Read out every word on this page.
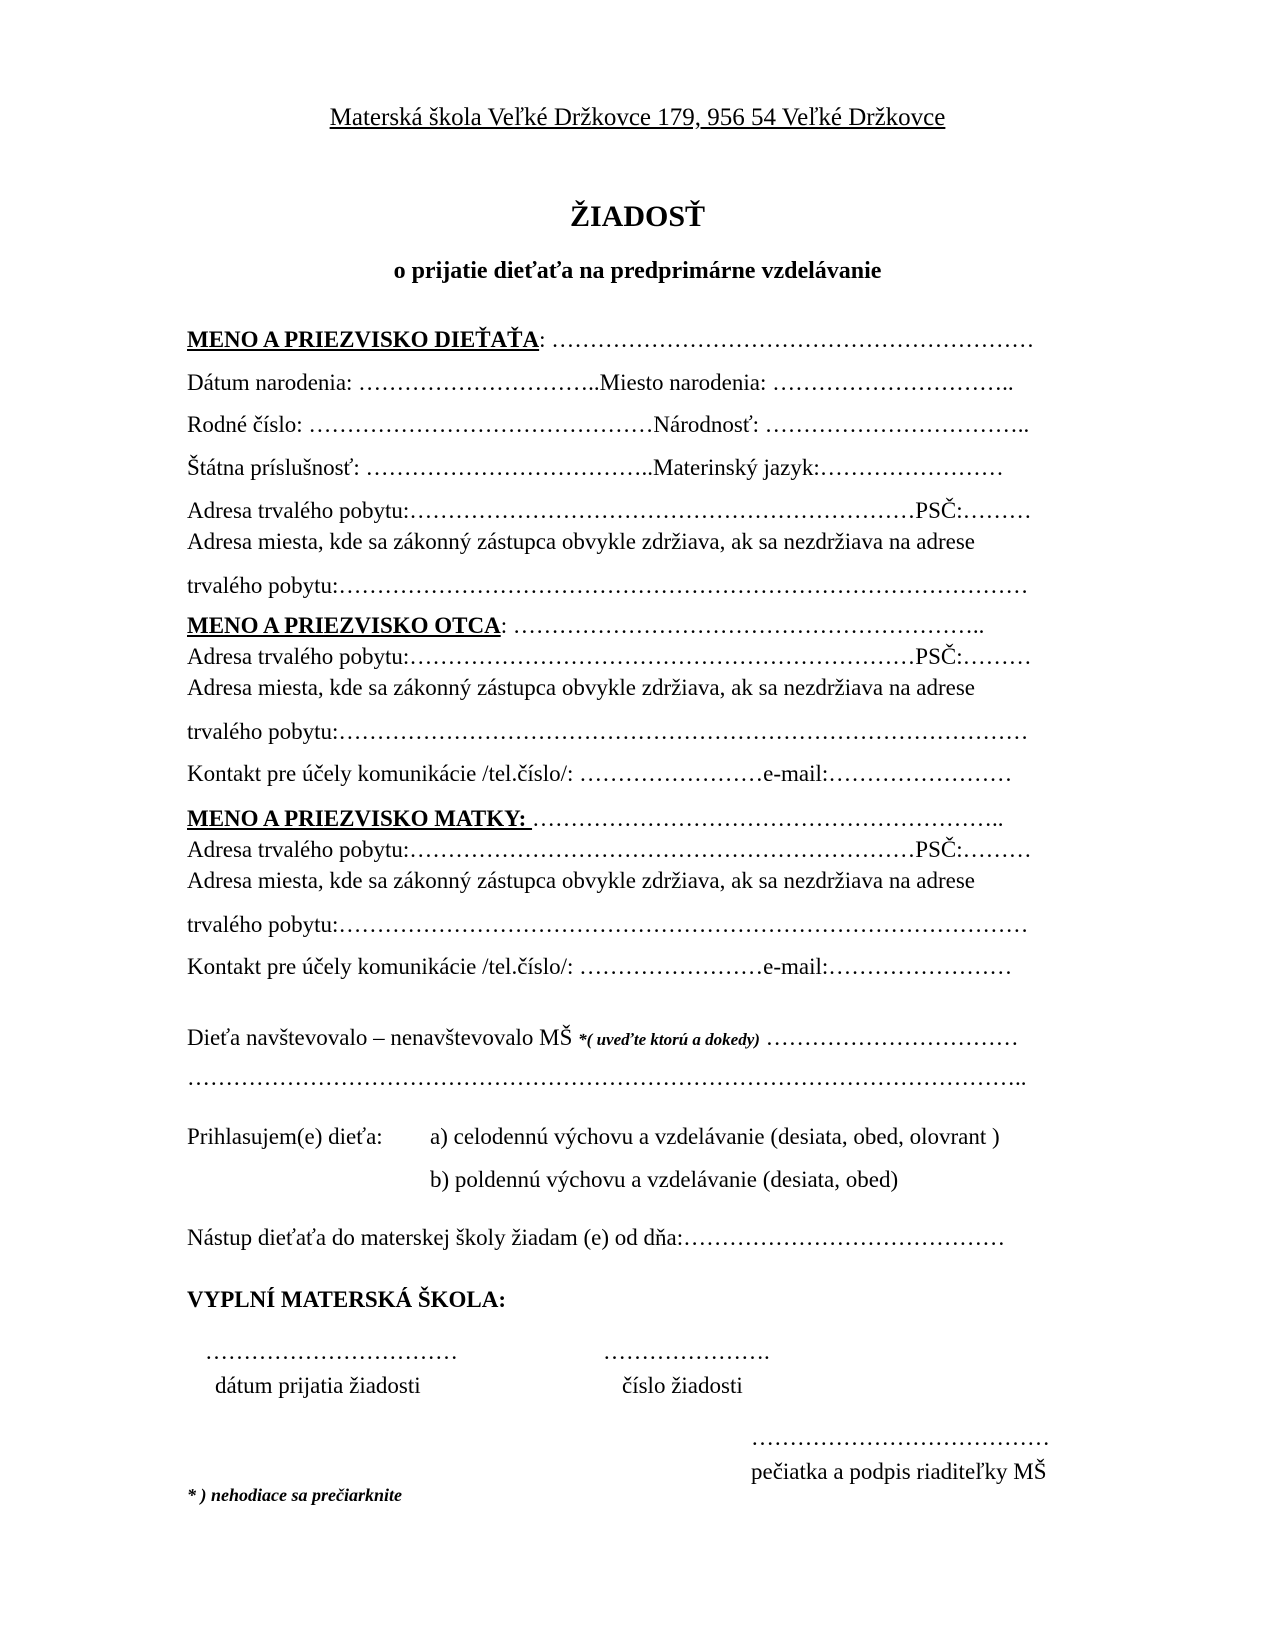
Materská škola Veľké Držkovce 179, 956 54 Veľké Držkovce
ŽIADOSŤ
o prijatie dieťaťa na predprimárne vzdelávanie
MENO A PRIEZVISKO DIEŤAŤA: ………………………………………………………
Dátum narodenia: …………………………..Miesto narodenia: …………………………..
Rodné číslo: ………………………………………Národnosť: ……………………………..
Štátna príslušnosť: ………………………………..Materinský jazyk:……………………
Adresa trvalého pobytu:…………………………………………………………PSČ:………
Adresa miesta, kde sa zákonný zástupca obvykle zdržiava, ak sa nezdržiava na adrese
trvalého pobytu:………………………………………………………………………………
MENO A PRIEZVISKO OTCA: ……………………………………………………..
Adresa trvalého pobytu:…………………………………………………………PSČ:………
Adresa miesta, kde sa zákonný zástupca obvykle zdržiava, ak sa nezdržiava na adrese
trvalého pobytu:………………………………………………………………………………
Kontakt pre účely komunikácie /tel.číslo/: ……………………e-mail:……………………
MENO A PRIEZVISKO MATKY: ……………………………………………………..
Adresa trvalého pobytu:…………………………………………………………PSČ:………
Adresa miesta, kde sa zákonný zástupca obvykle zdržiava, ak sa nezdržiava na adrese
trvalého pobytu:………………………………………………………………………………
Kontakt pre účely komunikácie /tel.číslo/: ……………………e-mail:……………………
Dieťa navštevovalo – nenavštevovalo MŠ *( uveďte ktorú a dokedy) ……………………………
………………………………………………………………………………………………..
Prihlasujem(e) dieťa: a) celodennú výchovu a vzdelávanie (desiata, obed, olovrant )
b) poldennú výchovu a vzdelávanie (desiata, obed)
Nástup dieťaťa do materskej školy žiadam (e) od dňa:……………………………………
VYPLNÍ MATERSKÁ ŠKOLA:
……………………………
dátum prijatia žiadosti
………………….
číslo žiadosti
…………………………………
pečiatka a podpis riaditeľky MŠ
* ) nehodiace sa prečiarknite
